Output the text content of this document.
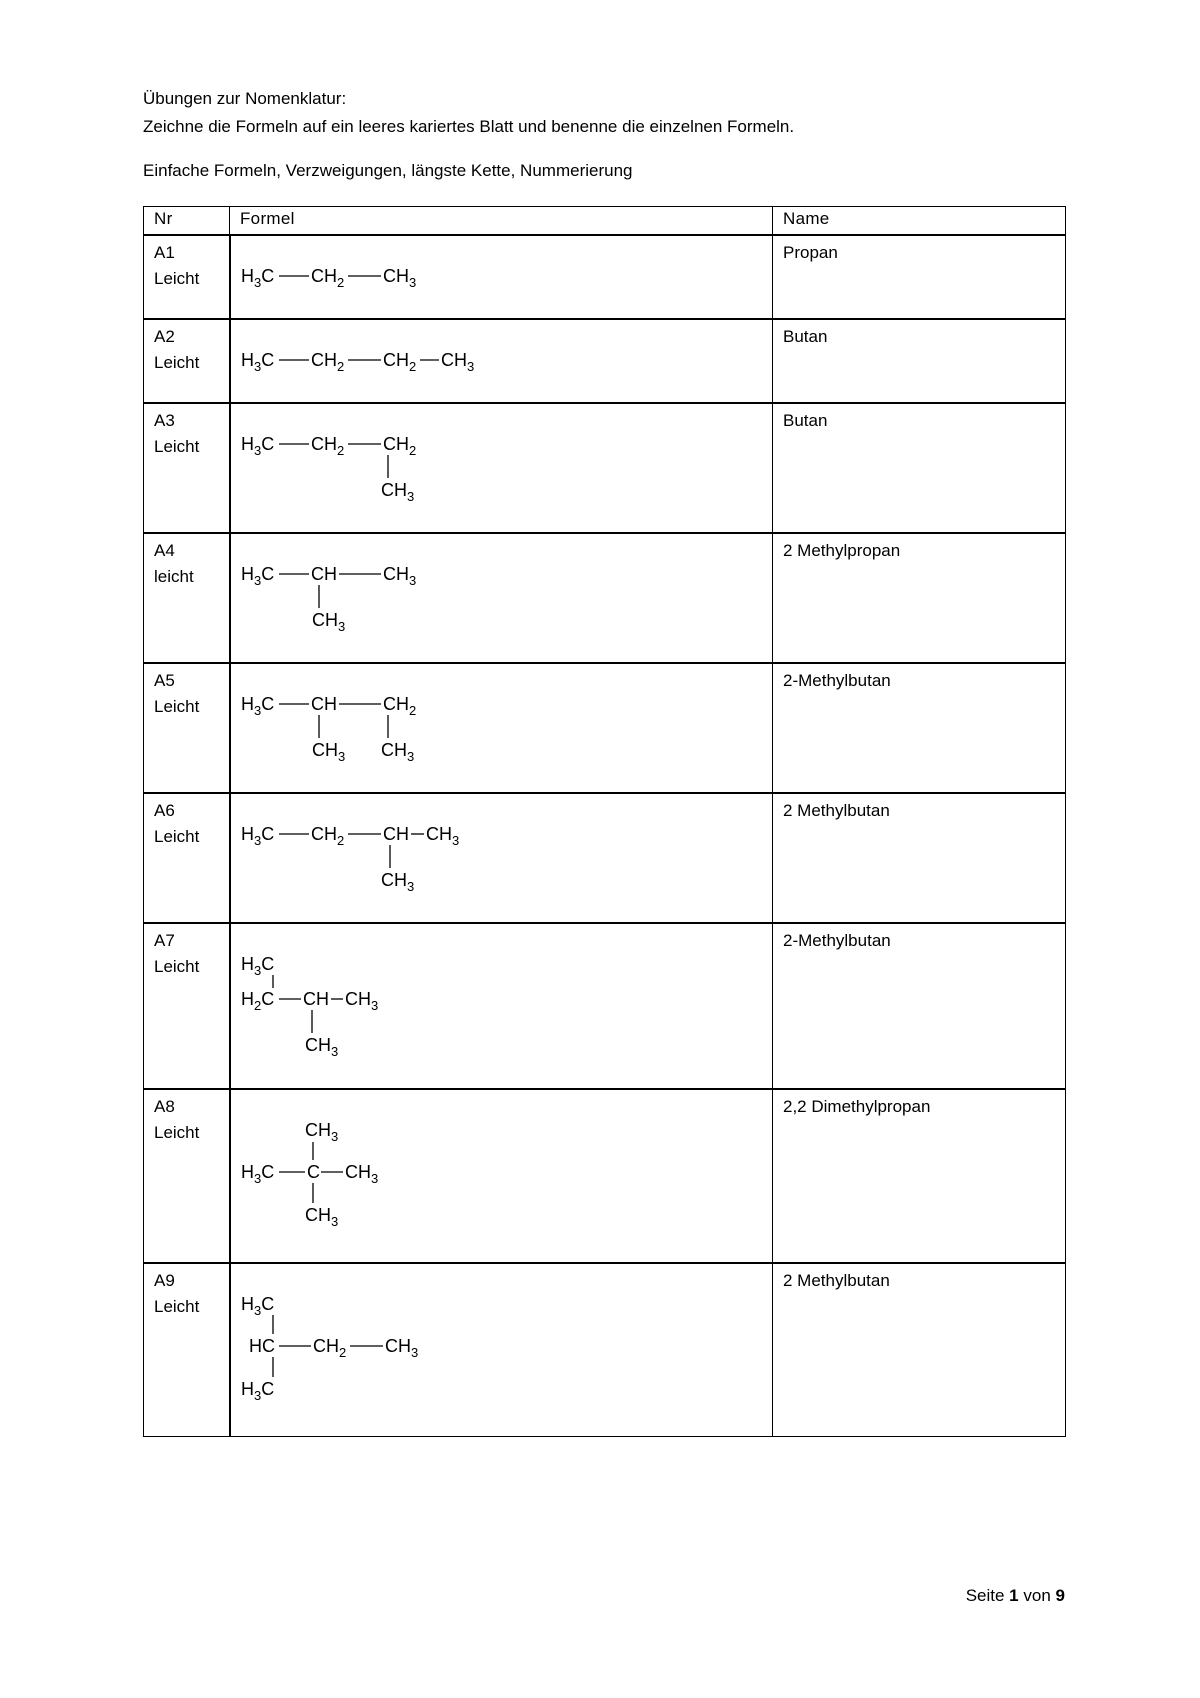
Übungen zur Nomenklatur:
Zeichne die Formeln auf ein leeres kariertes Blatt und benenne die einzelnen Formeln.
Einfache Formeln, Verzweigungen, längste Kette, Nummerierung
Nr	Formel	Name

A1
Leicht	$H_3C$ $CH_2$ $CH_3$	Propan

A2
Leicht	$H_3C$ $CH_2$ $CH_2$ $CH_3$	Butan

A3
Leicht	$H_3C$ $CH_2$ $CH_2$
$CH_3$	Butan

A4
leicht	$H_3C$ CH $CH_3$
$CH_3$	2 Methylpropan

A5
Leicht	$H_3C$ CH $CH_2$
$CH_3$ $CH_3$	2-Methylbutan

A6
Leicht	$H_3C$ $CH_2$ CH $CH_3$
$CH_3$	2 Methylbutan

A7
Leicht	$H_3C$
$H_2C$ CH $CH_3$
$CH_3$	2-Methylbutan

A8
Leicht	$CH_3$
$H_3C$ C $CH_3$
$CH_3$	2,2 Dimethylpropan

A9
Leicht	$H_3C$
HC $CH_2$ $CH_3$
$H_3C$	2 Methylbutan
Seite 1 von 9
